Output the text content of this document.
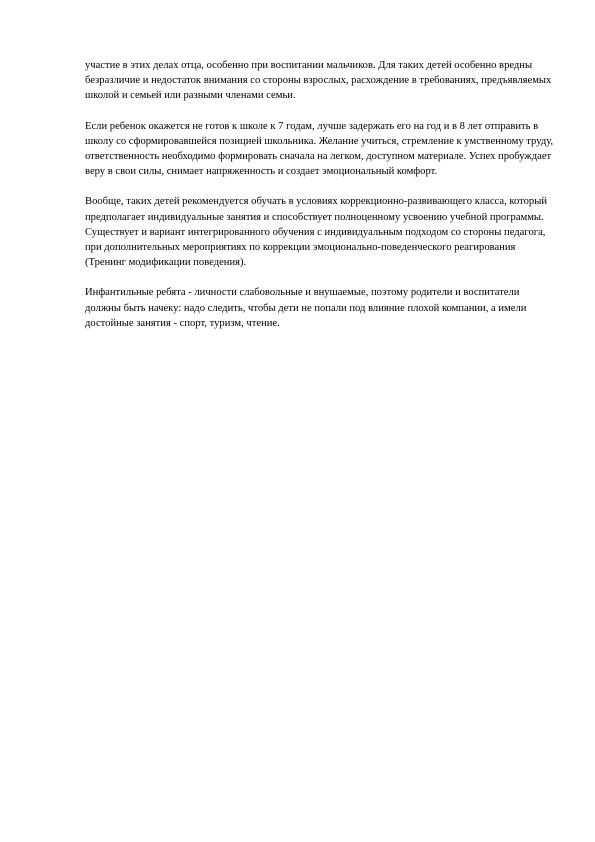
участие в этих делах отца, особенно при воспитании мальчиков. Для таких детей особенно вредны безразличие и недостаток внимания со стороны взрослых, расхождение в требованиях, предъявляемых школой и семьей или разными членами семьи.

Если ребенок окажется не готов к школе к 7 годам, лучше задержать его на год и в 8 лет отправить в школу со сформировавшейся позицией школьника. Желание учиться, стремление к умственному труду, ответственность необходимо формировать сначала на легком, доступном материале. Успех пробуждает веру в свои силы, снимает напряженность и создает эмоциональный комфорт.

Вообще, таких детей рекомендуется обучать в условиях коррекционно-развивающего класса, который предполагает индивидуальные занятия и способствует полноценному усвоению учебной программы. Существует и вариант интегрированного обучения с индивидуальным подходом со стороны педагога, при дополнительных мероприятиях по коррекции эмоционально-поведенческого реагирования (Тренинг модификации поведения).

Инфантильные ребята - личности слабовольные и внушаемые, поэтому родители и воспитатели должны быть начеку: надо следить, чтобы дети не попали под влияние плохой компании, а имели достойные занятия - спорт, туризм, чтение.
